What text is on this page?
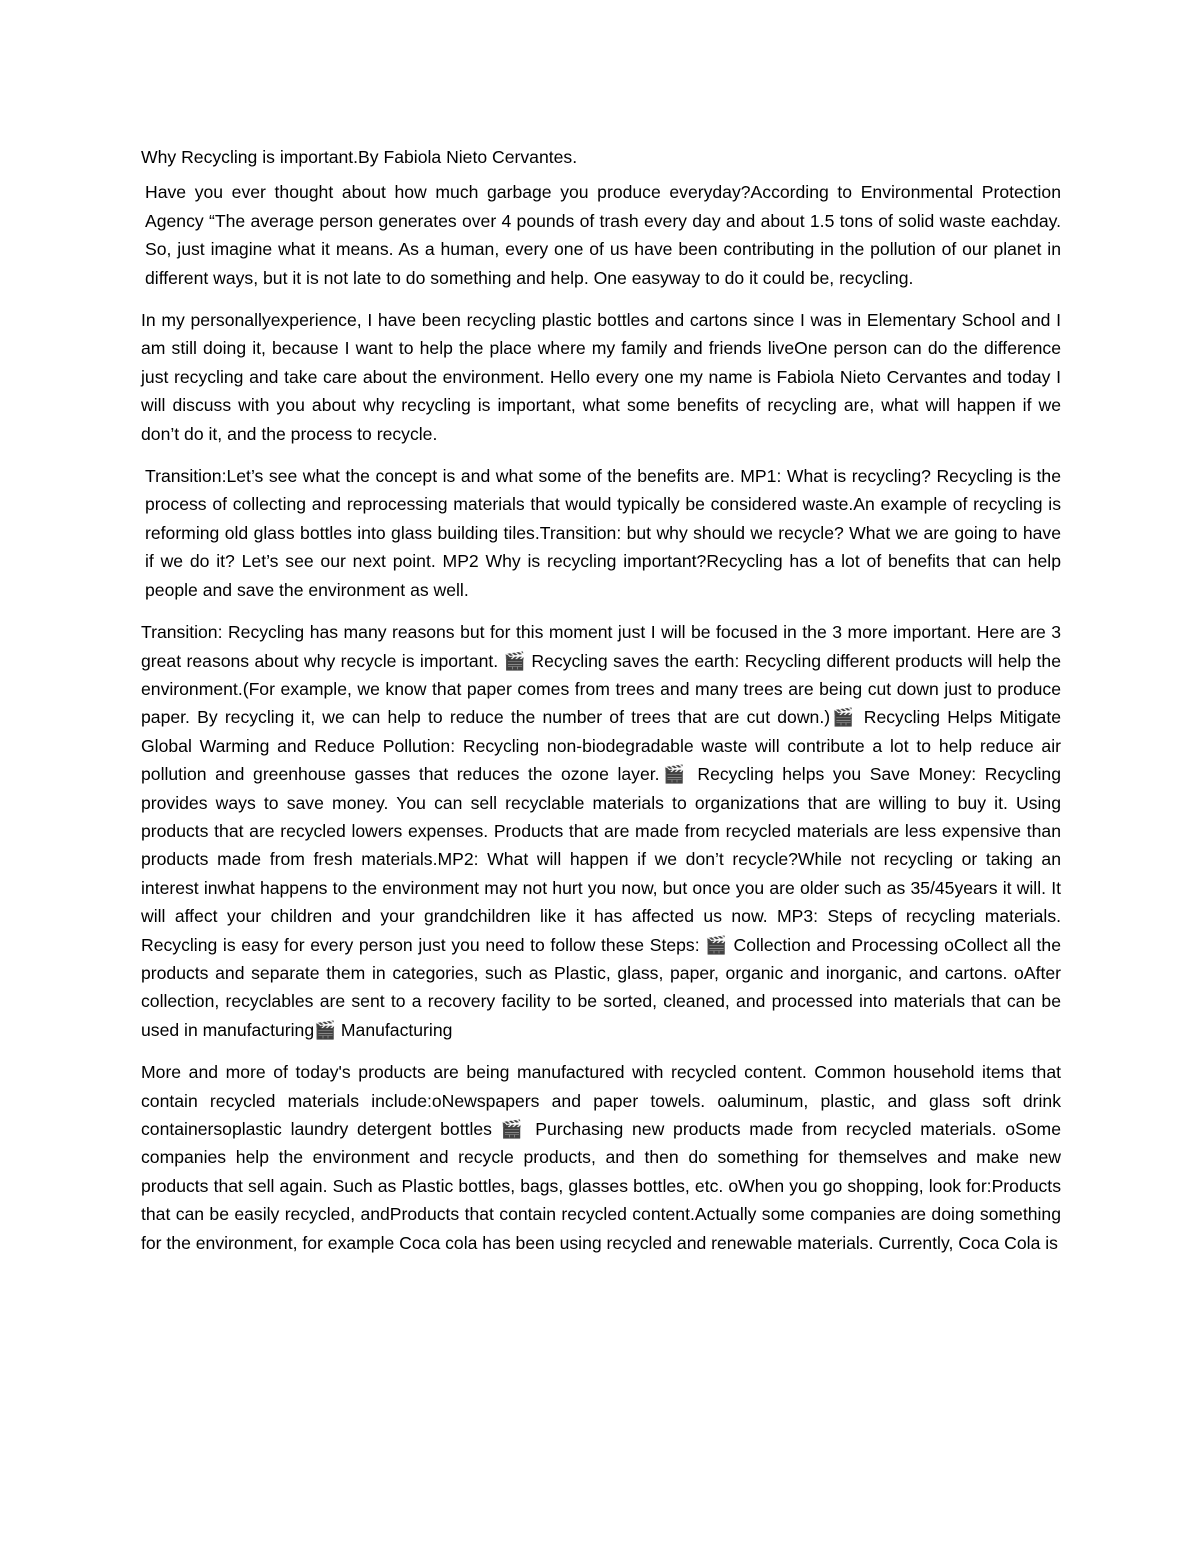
Why Recycling is important.By Fabiola Nieto Cervantes.

Have you ever thought about how much garbage you produce everyday?According to Environmental Protection Agency “The average person generates over 4 pounds of trash every day and about 1.5 tons of solid waste eachday. So, just imagine what it means. As a human, every one of us have been contributing in the pollution of our planet in different ways, but it is not late to do something and help. One easyway to do it could be, recycling.

In my personallyexperience, I have been recycling plastic bottles and cartons since I was in Elementary School and I am still doing it, because I want to help the place where my family and friends liveOne person can do the difference just recycling and take care about the environment. Hello every one my name is Fabiola Nieto Cervantes and today I will discuss with you about why recycling is important, what some benefits of recycling are, what will happen if we don’t do it, and the process to recycle.

Transition:Let’s see what the concept is and what some of the benefits are. MP1: What is recycling? Recycling is the process of collecting and reprocessing materials that would typically be considered waste.An example of recycling is reforming old glass bottles into glass building tiles.Transition: but why should we recycle? What we are going to have if we do it? Let’s see our next point. MP2 Why is recycling important?Recycling has a lot of benefits that can help people and save the environment as well.

Transition: Recycling has many reasons but for this moment just I will be focused in the 3 more important. Here are 3 great reasons about why recycle is important. 🎬 Recycling saves the earth: Recycling different products will help the environment.(For example, we know that paper comes from trees and many trees are being cut down just to produce paper. By recycling it, we can help to reduce the number of trees that are cut down.)🎬 Recycling Helps Mitigate Global Warming and Reduce Pollution: Recycling non-biodegradable waste will contribute a lot to help reduce air pollution and greenhouse gasses that reduces the ozone layer.🎬 Recycling helps you Save Money: Recycling provides ways to save money. You can sell recyclable materials to organizations that are willing to buy it. Using products that are recycled lowers expenses. Products that are made from recycled materials are less expensive than products made from fresh materials.MP2: What will happen if we don’t recycle?While not recycling or taking an interest inwhat happens to the environment may not hurt you now, but once you are older such as 35/45years it will. It will affect your children and your grandchildren like it has affected us now. MP3: Steps of recycling materials. Recycling is easy for every person just you need to follow these Steps: 🎬 Collection and Processing oCollect all the products and separate them in categories, such as Plastic, glass, paper, organic and inorganic, and cartons. oAfter collection, recyclables are sent to a recovery facility to be sorted, cleaned, and processed into materials that can be used in manufacturing🎬 Manufacturing

More and more of today's products are being manufactured with recycled content. Common household items that contain recycled materials include:oNewspapers and paper towels. oaluminum, plastic, and glass soft drink containersoplastic laundry detergent bottles 🎬 Purchasing new products made from recycled materials. oSome companies help the environment and recycle products, and then do something for themselves and make new products that sell again. Such as Plastic bottles, bags, glasses bottles, etc. oWhen you go shopping, look for:Products that can be easily recycled, andProducts that contain recycled content.Actually some companies are doing something for the environment, for example Coca cola has been using recycled and renewable materials. Currently, Coca Cola is
